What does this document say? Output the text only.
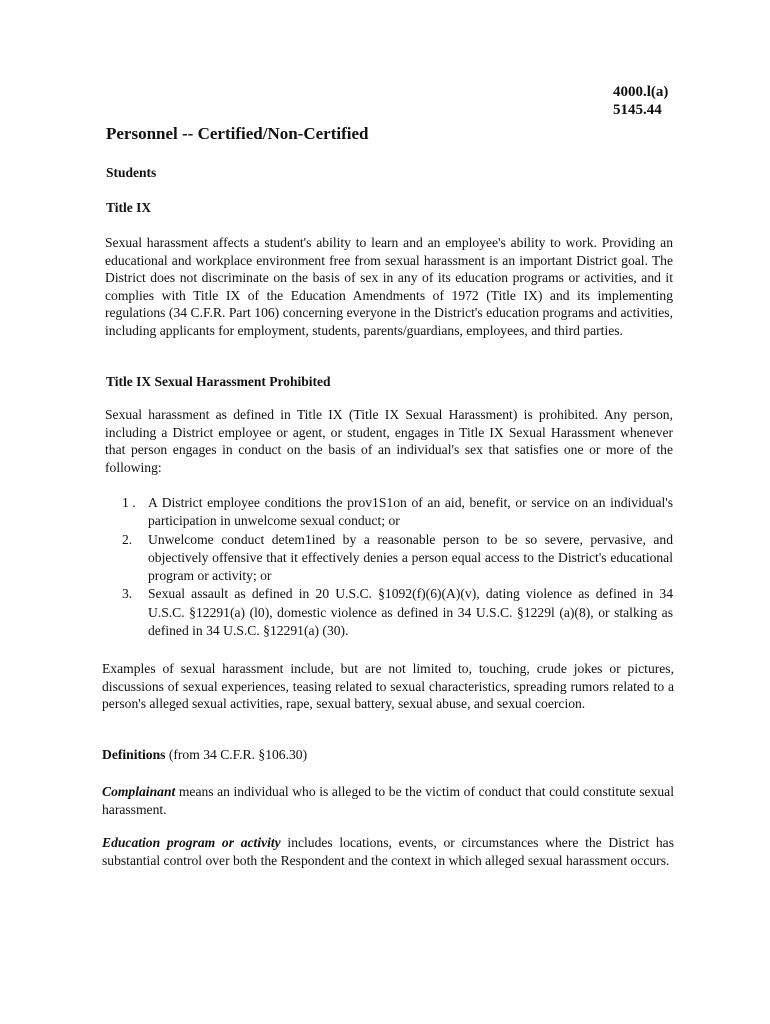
4000.l(a)
5145.44
Personnel -- Certified/Non-Certified
Students
Title IX
Sexual harassment affects a student's ability to learn and an employee's ability to work. Providing an educational and workplace environment free from sexual harassment is an important District goal. The District does not discriminate on the basis of sex in any of its education programs or activities, and it complies with Title IX of the Education Amendments of 1972 (Title IX) and its implementing regulations (34 C.F.R. Part 106) concerning everyone in the District's education programs and activities, including applicants for employment, students, parents/guardians, employees, and third parties.
Title IX Sexual Harassment Prohibited
Sexual harassment as defined in Title IX (Title IX Sexual Harassment) is prohibited. Any person, including a District employee or agent, or student, engages in Title IX Sexual Harassment whenever that person engages in conduct on the basis of an individual's sex that satisfies one or more of the following:
1 . A District employee conditions the prov1S1on of an aid, benefit, or service on an individual's participation in unwelcome sexual conduct; or
2.	Unwelcome conduct detem1ined by a reasonable person to be so severe, pervasive, and objectively offensive that it effectively denies a person equal access to the District's educational program or activity; or
3.	Sexual assault as defined in 20 U.S.C. §1092(f)(6)(A)(v), dating violence as defined in 34 U.S.C. §12291(a) (l0), domestic violence as defined in 34 U.S.C. §1229l (a)(8), or stalking as defined in 34 U.S.C. §12291(a) (30).
Examples of sexual harassment include, but are not limited to, touching, crude jokes or pictures, discussions of sexual experiences, teasing related to sexual characteristics, spreading rumors related to a person's alleged sexual activities, rape, sexual battery, sexual abuse, and sexual coercion.
Definitions (from 34 C.F.R. §106.30)
Complainant means an individual who is alleged to be the victim of conduct that could constitute sexual harassment.
Education program or activity includes locations, events, or circumstances where the District has substantial control over both the Respondent and the context in which alleged sexual harassment occurs.
